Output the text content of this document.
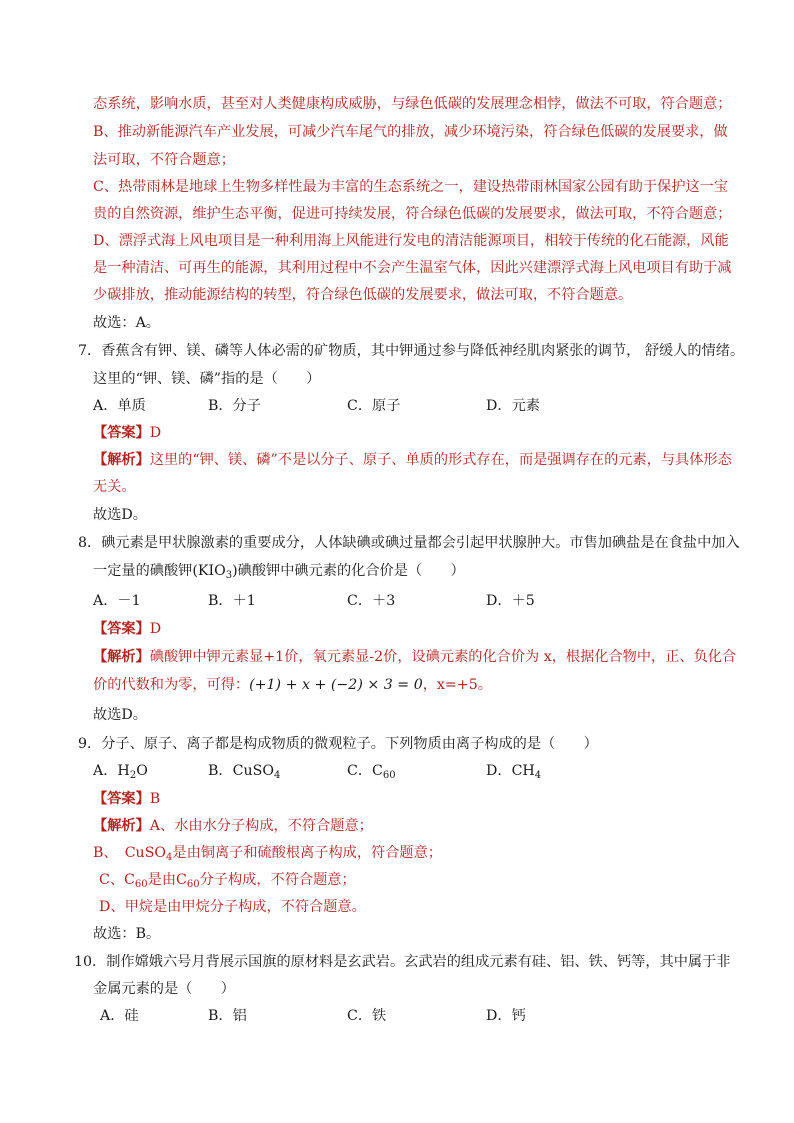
态系统，影响水质，甚至对人类健康构成威胁，与绿色低碳的发展理念相悖，做法不可取，符合题意；
B、推动新能源汽车产业发展，可减少汽车尾气的排放，减少环境污染，符合绿色低碳的发展要求，做
法可取，不符合题意；
C、热带雨林是地球上生物多样性最为丰富的生态系统之一，建设热带雨林国家公园有助于保护这一宝
贵的自然资源，维护生态平衡，促进可持续发展，符合绿色低碳的发展要求，做法可取，不符合题意；
D、漂浮式海上风电项目是一种利用海上风能进行发电的清洁能源项目，相较于传统的化石能源，风能
是一种清洁、可再生的能源，其利用过程中不会产生温室气体，因此兴建漂浮式海上风电项目有助于减
少碳排放，推动能源结构的转型，符合绿色低碳的发展要求，做法可取，不符合题意。
故选：A。
7．香蕉含有钾、镁、磷等人体必需的矿物质，其中钾通过参与降低神经肌肉紧张的调节， 舒缓人的情绪。
这里的“钾、镁、磷”指的是（　　）
A．单质	B．分子	C．原子	D．元素
【答案】D
【解析】这里的“钾、镁、磷”不是以分子、原子、单质的形式存在，而是强调存在的元素，与具体形态
无关。
故选D。
8．碘元素是甲状腺激素的重要成分，人体缺碘或碘过量都会引起甲状腺肿大。市售加碘盐是在食盐中加入
一定量的碘酸钾$(KIO_3)$碘酸钾中碘元素的化合价是（　　）
A．－1	B．＋1	C．＋3	D．＋5
【答案】D
【解析】碘酸钾中钾元素显+1价，氧元素显-2价，设碘元素的化合价为 x，根据化合物中，正、负化合
价的代数和为零，可得：(+1) + x + (−2) × 3 = 0，x=+5。
故选D。
9．分子、原子、离子都是构成物质的微观粒子。下列物质由离子构成的是（　　）
A．$H_2O$	B．CuSO$_4$	C．$C_{60}$	D．$CH_4$
【答案】B
【解析】A、水由水分子构成，不符合题意；
B、　CuSO$_4$是由铜离子和硫酸根离子构成，符合题意；
C、$C_{60}$是由$C_{60}$分子构成，不符合题意；
D、甲烷是由甲烷分子构成，不符合题意。
故选：B。
10．制作嫦娥六号月背展示国旗的原材料是玄武岩。玄武岩的组成元素有硅、铝、铁、钙等，其中属于非
金属元素的是（　　）
A．硅	B．铝	C．铁	D．钙
